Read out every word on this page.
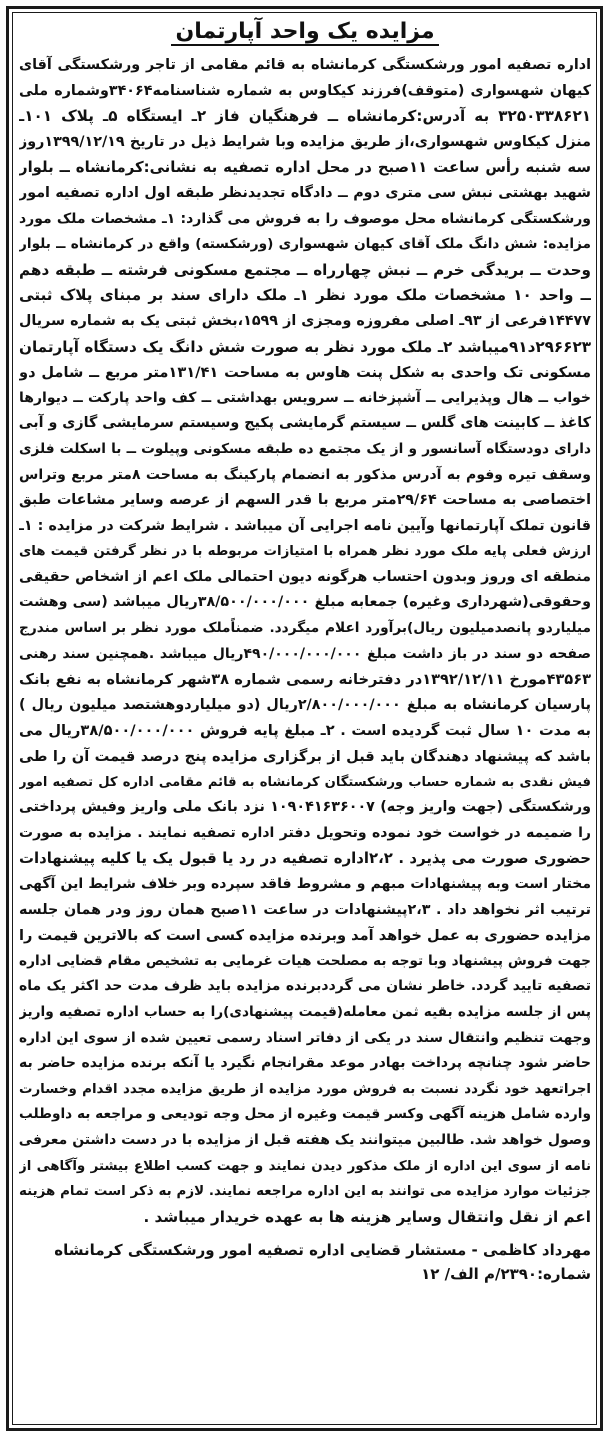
مزایده یک واحد آپارتمان
اداره تصفیه امور ورشکستگی کرمانشاه به قائم مقامی از تاجر ورشکستگی آقای
کیهان شهسواری (متوقف)فرزند کیکاوس به شماره شناسنامه۳۴۰۶۴وشماره ملی
۳۲۵۰۳۳۸۶۲۱ به آدرس:کرمانشاه ــ فرهنگیان فاز ۲ـ ایستگاه ۵ـ پلاک ۱۰۱ـ
منزل کیکاوس شهسواری،از طریق مزایده وبا شرایط ذیل در تاریخ ۱۳۹۹/۱۲/۱۹روز
سه شنبه رأس ساعت ۱۱صبح در محل اداره تصفیه به نشانی:کرمانشاه ــ بلوار
شهید بهشتی نبش سی متری دوم ــ دادگاه تجدیدنظر طبقه اول اداره تصفیه امور
ورشکستگی کرمانشاه محل موصوف را به فروش می گذارد: ۱ـ مشخصات ملک مورد
مزایده: شش دانگ ملک آقای کیهان شهسواری (ورشکسته) واقع در کرمانشاه ــ بلوار
وحدت ــ بریدگی خرم ــ نبش چهارراه ــ مجتمع مسکونی فرشته ــ طبقه دهم
ــ واحد ۱۰ مشخصات ملک مورد نظر ۱ـ ملک دارای سند بر مبنای پلاک ثبتی
۱۴۴۷۷فرعی از ۹۳ـ اصلی مفروزه ومجزی از ۱۵۹۹،بخش ثبتی یک به شماره سریال
۲۹۶۶۲۳د۹۱میباشد ۲ـ ملک مورد نظر به صورت شش دانگ یک دستگاه آپارتمان
مسکونی تک واحدی به شکل پنت هاوس به مساحت ۱۳۱/۴۱متر مربع ــ شامل دو
خواب ــ هال وپذیرایی ــ آشپزخانه ــ سرویس بهداشتی ــ کف واحد پارکت ــ دیوارها
کاغذ ــ کابینت های گلس ــ سیستم گرمایشی پکیج وسیستم سرمایشی گازی و آبی
دارای دودستگاه آسانسور و از یک مجتمع ده طبقه مسکونی وپیلوت ــ با اسکلت فلزی
وسقف تیره وفوم به آدرس مذکور به انضمام پارکینگ به مساحت ۸متر مربع وتراس
اختصاصی به مساحت ۲۹/۶۴متر مربع با قدر السهم از عرصه وسایر مشاعات طبق
قانون تملک آپارتمانها وآیین نامه اجرایی آن میباشد . شرایط شرکت در مزایده : ۱ـ
ارزش فعلی پایه ملک مورد نظر همراه با امتیازات مربوطه با در نظر گرفتن قیمت های
منطقه ای وروز وبدون احتساب هرگونه دیون احتمالی ملک اعم از اشخاص حقیقی
وحقوقی(شهرداری وغیره) جمعابه مبلغ ۳۸/۵۰۰/۰۰۰/۰۰۰ریال میباشد (سی وهشت
میلیاردو پانصدمیلیون ریال)برآورد اعلام میگردد. ضمناًملک مورد نظر بر اساس مندرج
صفحه دو سند در باز داشت مبلغ ۴۹۰/۰۰۰/۰۰۰/۰۰۰ریال میباشد .همچنین سند رهنی
۴۳۵۶۳مورخ ۱۳۹۲/۱۲/۱۱در دفترخانه رسمی شماره ۳۸شهر کرمانشاه به نفع بانک
پارسیان کرمانشاه به مبلغ ۲/۸۰۰/۰۰۰/۰۰۰ریال (دو میلیاردوهشتصد میلیون ریال )
به مدت ۱۰ سال ثبت گردیده است . ۲ـ مبلغ پایه فروش ۳۸/۵۰۰/۰۰۰/۰۰۰ریال می
باشد که پیشنهاد دهندگان باید قبل از برگزاری مزایده پنج درصد قیمت آن را طی
فیش نقدی به شماره حساب ورشکستگان کرمانشاه به قائم مقامی اداره کل تصفیه امور
ورشکستگی (جهت واریز وجه) ۱۰۹۰۴۱۶۳۶۰۰۷ نزد بانک ملی واریز وفیش پرداختی
را ضمیمه در خواست خود نموده وتحویل دفتر اداره تصفیه نمایند . مزایده به صورت
حضوری صورت می پذیرد . ۲،۲اداره تصفیه در رد یا قبول یک یا کلیه پیشنهادات
مختار است وبه پیشنهادات مبهم و مشروط فاقد سپرده وبر خلاف شرایط این آگهی
ترتیب اثر نخواهد داد . ۲،۳پیشنهادات در ساعت ۱۱صبح همان روز ودر همان جلسه
مزایده حضوری به عمل خواهد آمد وبرنده مزایده کسی است که بالاترین قیمت را
جهت فروش پیشنهاد وبا توجه به مصلحت هیات غرمایی به تشخیص مقام قضایی اداره
تصفیه تایید گردد. خاطر نشان می گرددبرنده مزایده باید ظرف مدت حد اکثر یک ماه
پس از جلسه مزایده بقیه ثمن معامله(قیمت پیشنهادی)را به حساب اداره تصفیه واریز
وجهت تنظیم وانتقال سند در یکی از دفاتر اسناد رسمی تعیین شده از سوی این اداره
حاضر شود چنانچه پرداخت بهادر موعد مقرانجام نگیرد یا آنکه برنده مزایده حاضر به
اجراتعهد خود نگردد نسبت به فروش مورد مزایده از طریق مزایده مجدد اقدام وخسارت
وارده شامل هزینه آگهی وکسر قیمت وغیره از محل وجه تودیعی و مراجعه به داوطلب
وصول خواهد شد. طالبین میتوانند یک هفته قبل از مزایده با در دست داشتن معرفی
نامه از سوی این اداره از ملک مذکور دیدن نمایند و جهت کسب اطلاع بیشتر وآگاهی از
جزئیات موارد مزایده می توانند به این اداره مراجعه نمایند. لازم به ذکر است تمام هزینه
اعم از نقل وانتقال وسایر هزینه ها به عهده خریدار میباشد .
مهرداد کاظمی - مستشار قضایی اداره تصفیه امور ورشکستگی کرمانشاه
شماره:۲۳۹۰/م الف/ ۱۲
